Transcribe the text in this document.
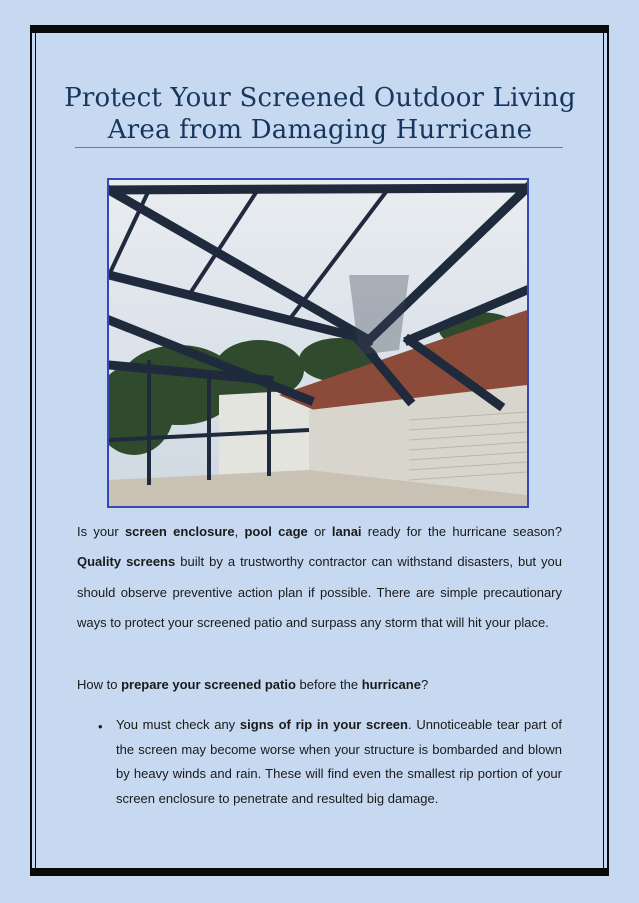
Protect Your Screened Outdoor Living
Area from Damaging Hurricane
Is your screen enclosure, pool cage or lanai ready for the hurricane season? Quality screens built by a trustworthy contractor can withstand disasters, but you should observe preventive action plan if possible. There are simple precautionary ways to protect your screened patio and surpass any storm that will hit your place.
How to prepare your screened patio before the hurricane?
• You must check any signs of rip in your screen. Unnoticeable tear part of the screen may become worse when your structure is bombarded and blown by heavy winds and rain. These will find even the smallest rip portion of your screen enclosure to penetrate and resulted big damage.
